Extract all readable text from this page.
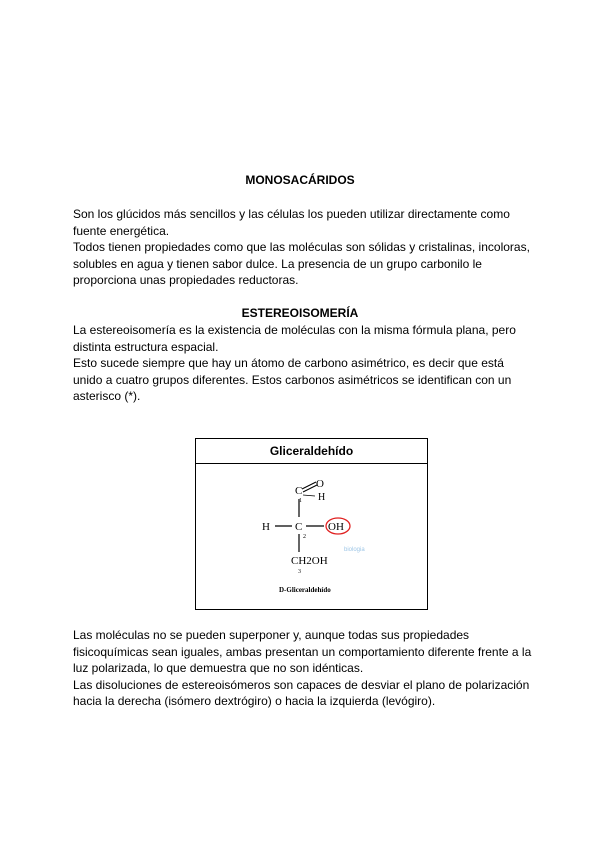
MONOSACÁRIDOS

Son los glúcidos más sencillos y las células los pueden utilizar directamente como fuente energética.

Todos tienen propiedades como que las moléculas son sólidas y cristalinas, incoloras, solubles en agua y tienen sabor dulce. La presencia de un grupo carbonilo le proporciona unas propiedades reductoras.

ESTEREOISOMERÍA

La estereoisomería es la existencia de moléculas con la misma fórmula plana, pero distinta estructura espacial.

Esto sucede siempre que hay un átomo de carbono asimétrico, es decir que está unido a cuatro grupos diferentes. Estos carbonos asimétricos se identifican con un asterisco (*).

Gliceraldehído
C
O
H
1
H C
2
OH
biologia
CH2OH
3
D-Gliceraldehído

Las moléculas no se pueden superponer y, aunque todas sus propiedades fisicoquímicas sean iguales, ambas presentan un comportamiento diferente frente a la luz polarizada, lo que demuestra que no son idénticas.

Las disoluciones de estereoisómeros son capaces de desviar el plano de polarización hacia la derecha (isómero dextrógiro) o hacia la izquierda (levógiro).
